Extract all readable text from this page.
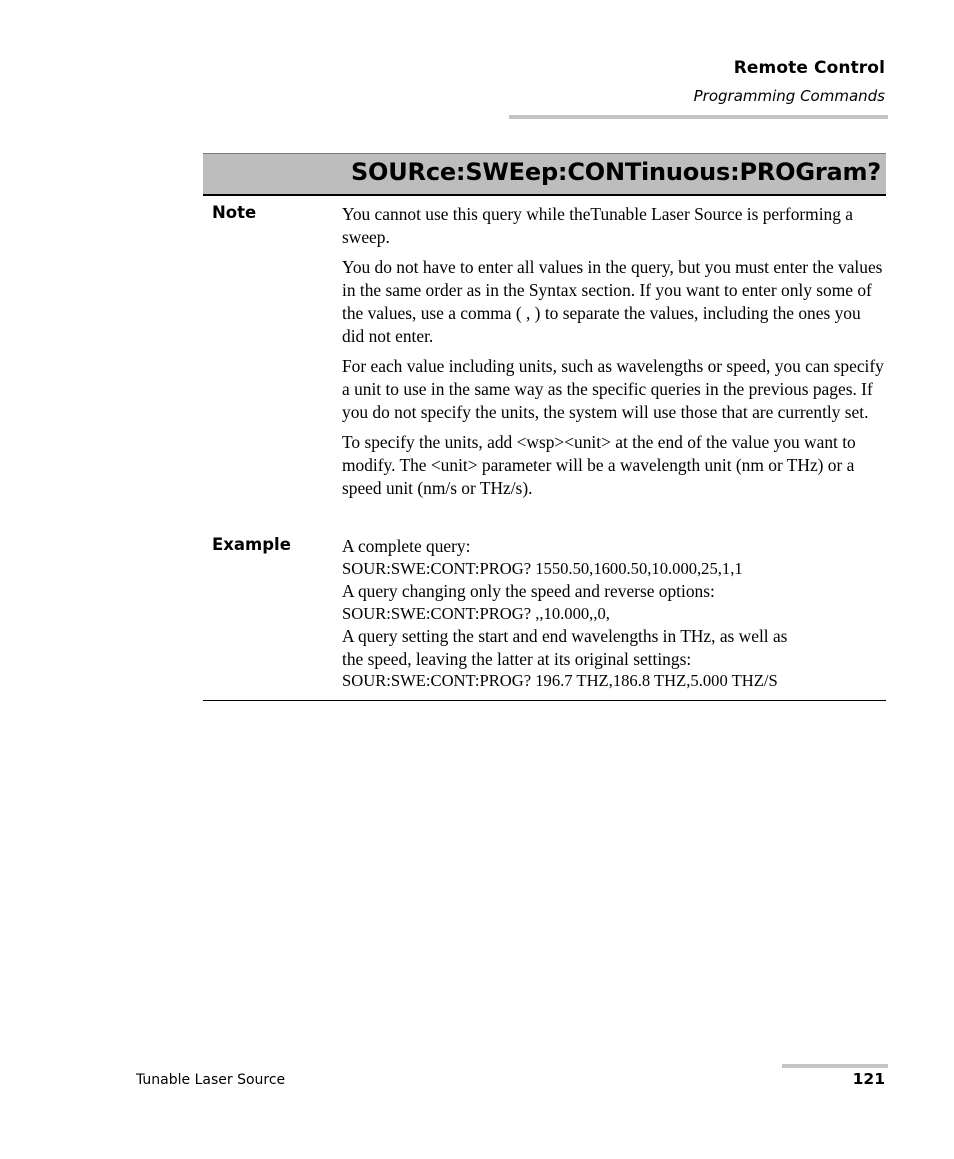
Remote Control
Programming Commands
SOURce:SWEep:CONTinuous:PROGram?
Note	You cannot use this query while theTunable Laser Source is performing a sweep.

You do not have to enter all values in the query, but you must enter the values in the same order as in the Syntax section. If you want to enter only some of the values, use a comma ( , ) to separate the values, including the ones you did not enter.

For each value including units, such as wavelengths or speed, you can specify a unit to use in the same way as the specific queries in the previous pages. If you do not specify the units, the system will use those that are currently set.

To specify the units, add <wsp><unit> at the end of the value you want to modify. The <unit> parameter will be a wavelength unit (nm or THz) or a speed unit (nm/s or THz/s).

Example	A complete query:
SOUR:SWE:CONT:PROG? 1550.50,1600.50,10.000,25,1,1
A query changing only the speed and reverse options:
SOUR:SWE:CONT:PROG? ,,10.000,,0,
A query setting the start and end wavelengths in THz, as well as
the speed, leaving the latter at its original settings:
SOUR:SWE:CONT:PROG? 196.7 THZ,186.8 THZ,5.000 THZ/S
Tunable Laser Source	121
